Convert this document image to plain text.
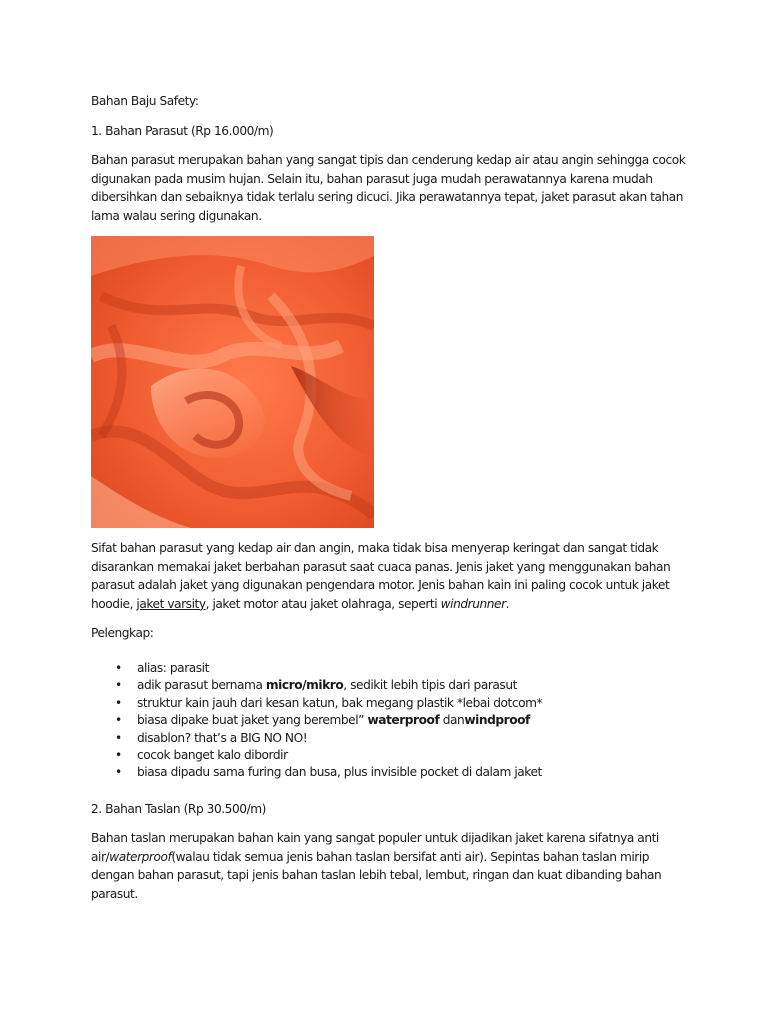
Bahan Baju Safety:

1. Bahan Parasut (Rp 16.000/m)

Bahan parasut merupakan bahan yang sangat tipis dan cenderung kedap air atau angin sehingga cocok
digunakan pada musim hujan. Selain itu, bahan parasut juga mudah perawatannya karena mudah
dibersihkan dan sebaiknya tidak terlalu sering dicuci. Jika perawatannya tepat, jaket parasut akan tahan
lama walau sering digunakan.
Sifat bahan parasut yang kedap air dan angin, maka tidak bisa menyerap keringat dan sangat tidak
disarankan memakai jaket berbahan parasut saat cuaca panas. Jenis jaket yang menggunakan bahan
parasut adalah jaket yang digunakan pengendara motor. Jenis bahan kain ini paling cocok untuk jaket
hoodie, jaket varsity, jaket motor atau jaket olahraga, seperti windrunner.

Pelengkap:

• alias: parasit
• adik parasut bernama micro/mikro, sedikit lebih tipis dari parasut
• struktur kain jauh dari kesan katun, bak megang plastik *lebai dotcom*
• biasa dipake buat jaket yang berembel” waterproof danwindproof
• disablon? that’s a BIG NO NO!
• cocok banget kalo dibordir
• biasa dipadu sama furing dan busa, plus invisible pocket di dalam jaket

2. Bahan Taslan (Rp 30.500/m)

Bahan taslan merupakan bahan kain yang sangat populer untuk dijadikan jaket karena sifatnya anti
air/waterproof(walau tidak semua jenis bahan taslan bersifat anti air). Sepintas bahan taslan mirip
dengan bahan parasut, tapi jenis bahan taslan lebih tebal, lembut, ringan dan kuat dibanding bahan
parasut.
